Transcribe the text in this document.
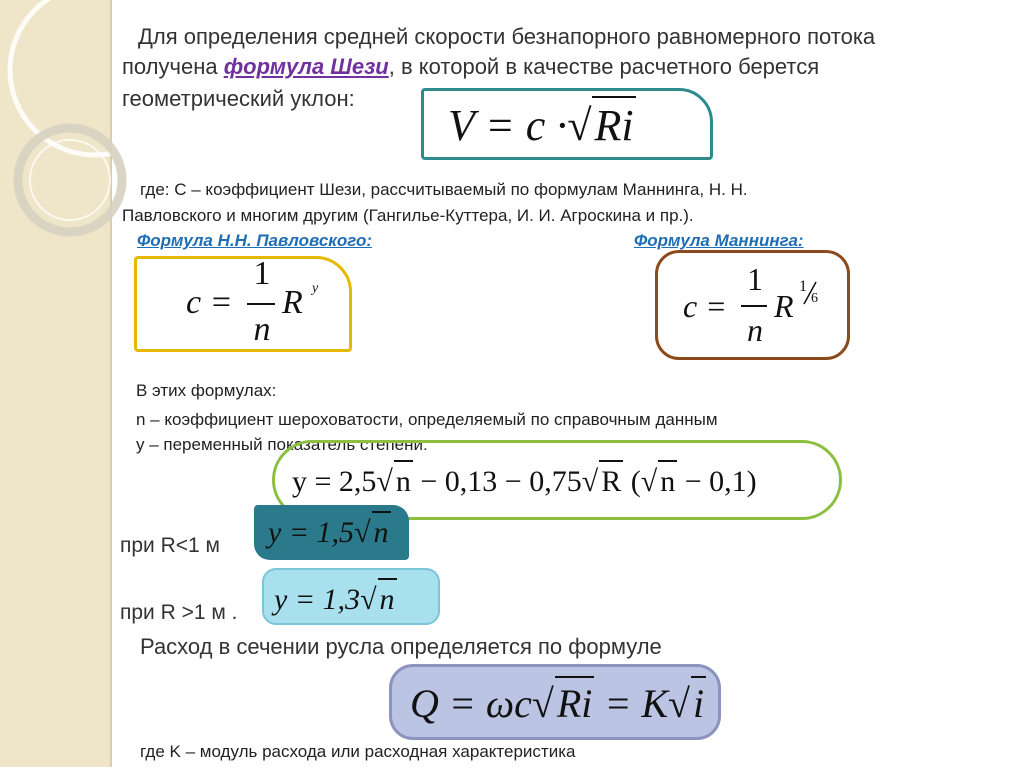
Для определения средней скорости безнапорного равномерного потока
получена формула Шези, в которой в качестве расчетного берется
геометрический уклон:
V = c ·√Ri
где: С – коэффициент Шези, рассчитываемый по формулам Маннинга, Н. Н.
Павловского и многим другим (Гангилье-Куттера, И. И. Агроскина и пр.).
Формула Н.Н. Павловского:
c =
1
n
R y
Формула Маннинга:
c =
1
n
R
1
6
В этих формулах:
n – коэффициент шероховатости, определяемый по справочным данным
y – переменный показатель степени:
y = 2,5√ n − 0,13 − 0,75√ R (√ n − 0,1)
при R<1 м y = 1,5√ n
при R >1 м . y = 1,3√ n
Расход в сечении русла определяется по формуле
Q = ωc√Ri = K√i
где K – модуль расхода или расходная характеристика
